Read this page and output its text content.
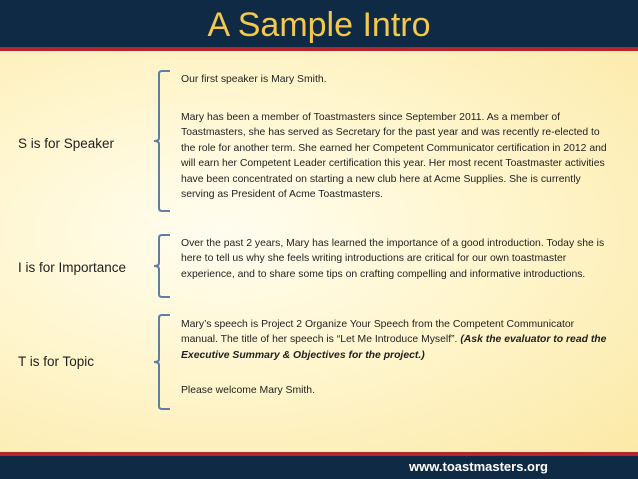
A Sample Intro
S is for Speaker
Our first speaker is Mary Smith.
Mary has been a member of Toastmasters since September 2011. As a member of Toastmasters, she has served as Secretary for the past year and was recently re-elected to the role for another term. She earned her Competent Communicator certification in 2012 and will earn her Competent Leader certification this year. Her most recent Toastmaster activities have been concentrated on starting a new club here at Acme Supplies. She is currently serving as President of Acme Toastmasters.
I is for Importance
Over the past 2 years, Mary has learned the importance of a good introduction. Today she is here to tell us why she feels writing introductions are critical for our own toastmaster experience, and to share some tips on crafting compelling and informative introductions.
T is for Topic
Mary’s speech is Project 2 Organize Your Speech from the Competent Communicator manual. The title of her speech is “Let Me Introduce Myself”. (Ask the evaluator to read the Executive Summary & Objectives for the project.)
Please welcome Mary Smith.
www.toastmasters.org
